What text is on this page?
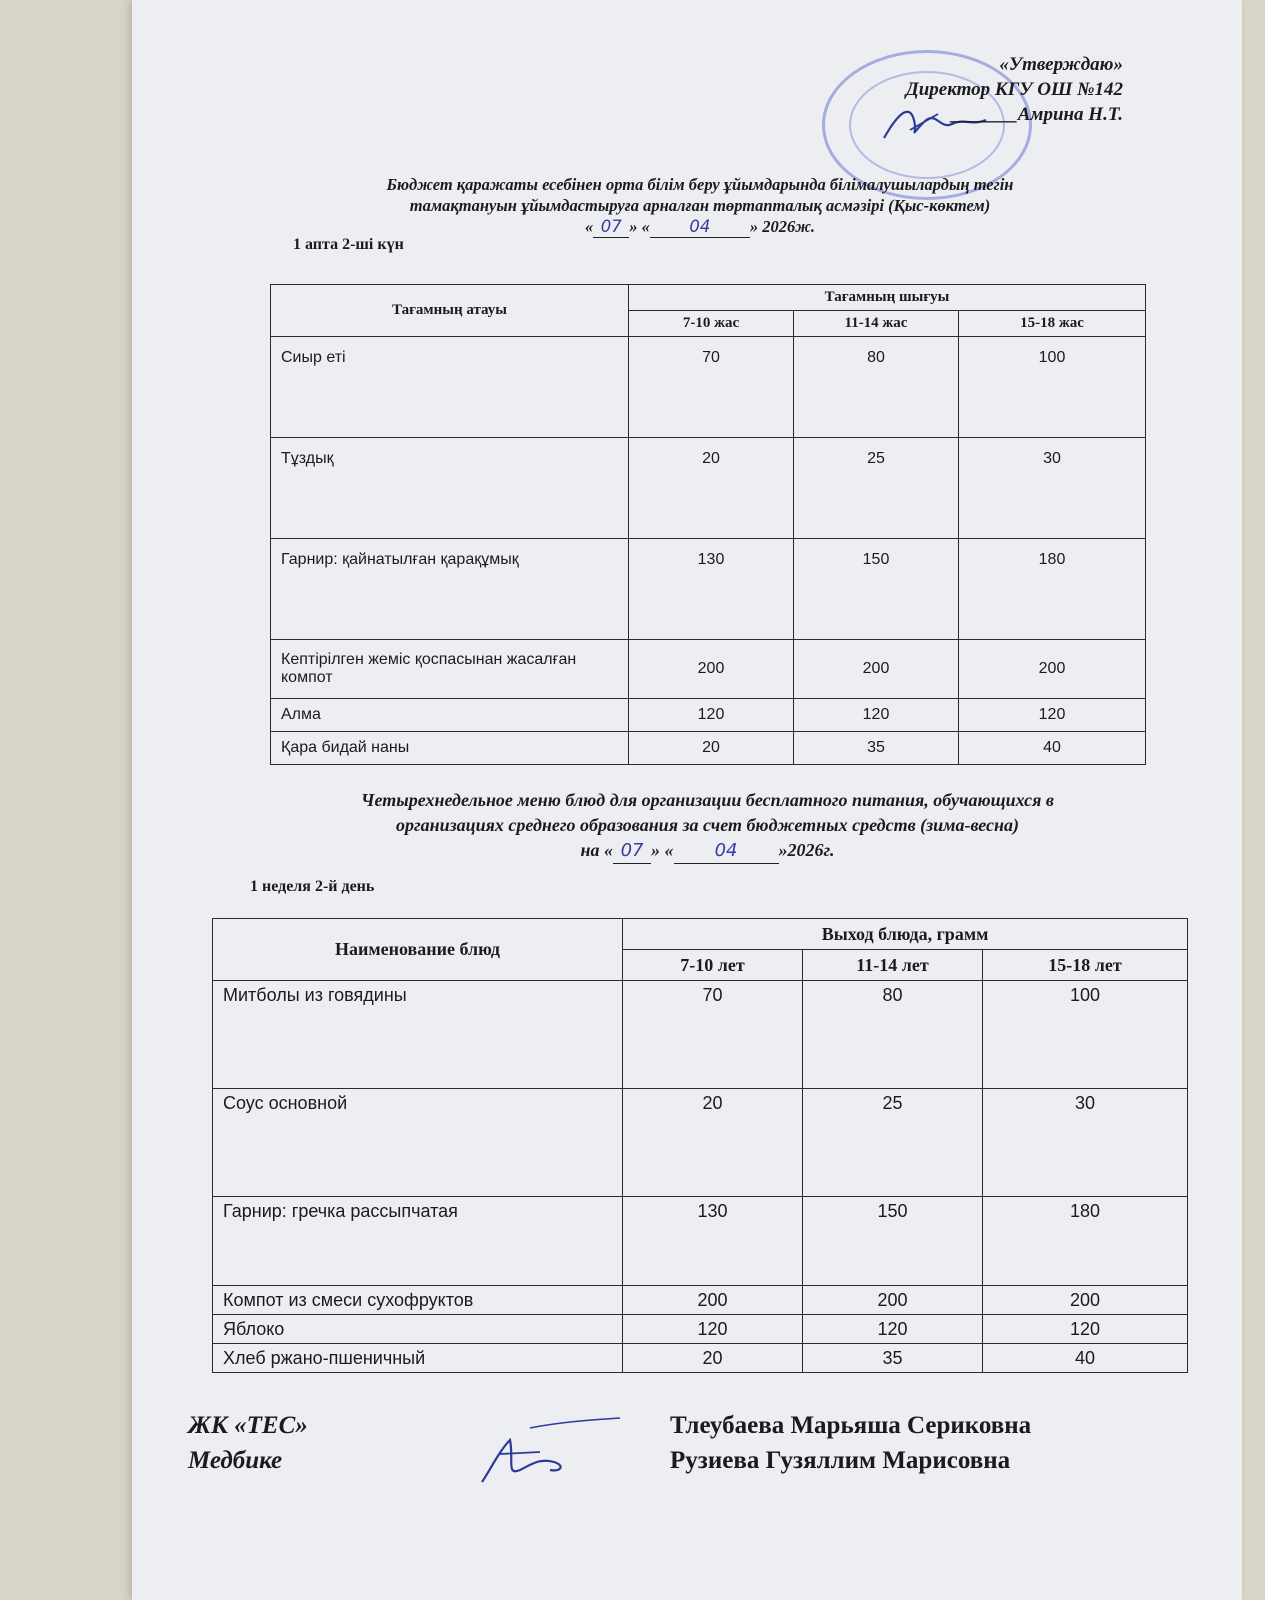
«Утверждаю»
Директор КГУ ОШ №142
_______Амрина Н.Т.
Бюджет қаражаты есебінен орта білім беру ұйымдарында білімалушылардың тегін
тамақтануын ұйымдастыруға арналған төртапталық асмәзірі (Қыс-көктем)
« 07 » « 04 » 2026ж.
1 апта 2-ші күн
Тағамның атауы	Тағамның шығуы		
	7-10 жас	11-14 жас	15-18 жас
Сиыр еті	70	80	100
Тұздық	20	25	30
Гарнир: қайнатылған қарақұмық	130	150	180
Кептірілген жеміс қоспасынан жасалған компот	200	200	200
Алма	120	120	120
Қара бидай наны	20	35	40
Четырехнедельное меню блюд для организации бесплатного питания, обучающихся в
организациях среднего образования за счет бюджетных средств (зима-весна)
на « 07 » « 04 »2026г.
1 неделя 2-й день
Наименование блюд	Выход блюда, грамм		
	7-10 лет	11-14 лет	15-18 лет
Митболы из говядины	70	80	100
Соус основной	20	25	30
Гарнир: гречка рассыпчатая	130	150	180
Компот из смеси сухофруктов	200	200	200
Яблоко	120	120	120
Хлеб ржано-пшеничный	20	35	40
ЖК «ТЕС»
Медбике
Тлеубаева Марьяша Сериковна
Рузиева Гузяллим Марисовна
